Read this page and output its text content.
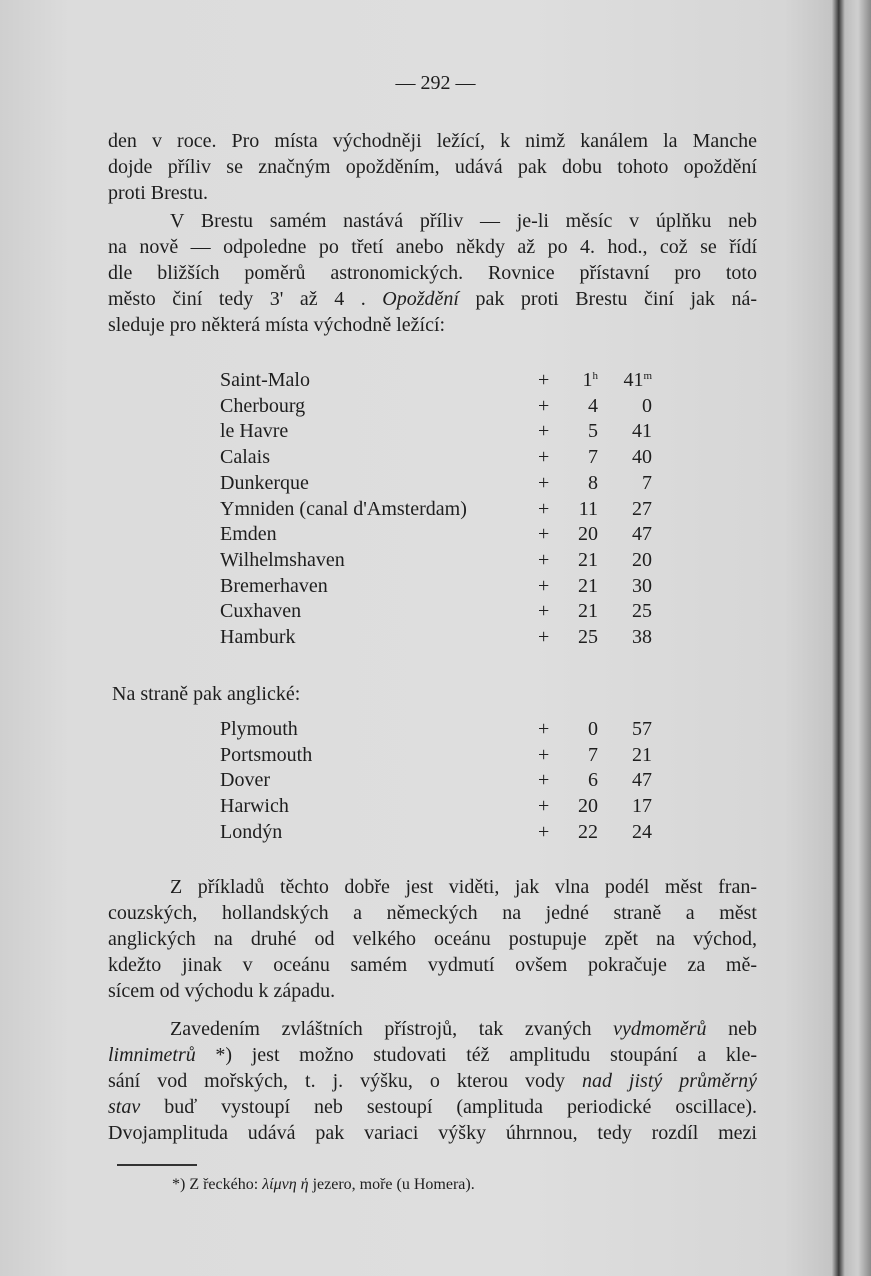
— 292 —
den v roce. Pro místa východněji ležící, k nimž kanálem la Manche
dojde příliv se značným opožděním, udává pak dobu tohoto opoždění
proti Brestu.
V Brestu samém nastává příliv — je-li měsíc v úplňku neb
na nově — odpoledne po třetí anebo někdy až po 4. hod., což se řídí
dle bližších poměrů astronomických. Rovnice přístavní pro toto
město činí tedy 3' až 4 . Opoždění pak proti Brestu činí jak ná-
sleduje pro některá místa východně ležící:
Saint-Malo	+	$1^h$ 41$^m$
Cherbourg	+	4	0
le Havre	+	5	41
Calais	+	7	40
Dunkerque	+	8	7
Ymniden (canal d'Amsterdam)	+	11	27
Emden	+	20	47
Wilhelmshaven	+	21	20
Bremerhaven	+	21	30
Cuxhaven	+	21	25
Hamburk	+	25	38
Na straně pak anglické:
Plymouth	+	0	57
Portsmouth	+	7	21
Dover	+	6	47
Harwich	+	20	17
Londýn	+	22	24
Z příkladů těchto dobře jest viděti, jak vlna podél měst fran-
couzských, hollandských a německých na jedné straně a měst
anglických na druhé od velkého oceánu postupuje zpět na východ,
kdežto jinak v oceánu samém vydmutí ovšem pokračuje za mě-
sícem od východu k západu.
Zavedením zvláštních přístrojů, tak zvaných vydmoměrů neb
limnimetrů *) jest možno studovati též amplitudu stoupání a kle-
sání vod mořských, t. j. výšku, o kterou vody nad jistý průměrný
stav buď vystoupí neb sestoupí (amplituda periodické oscillace).
Dvojamplituda udává pak variaci výšky úhrnnou, tedy rozdíl mezi
*) Z řeckého: λίμνη ἡ jezero, moře (u Homera).
